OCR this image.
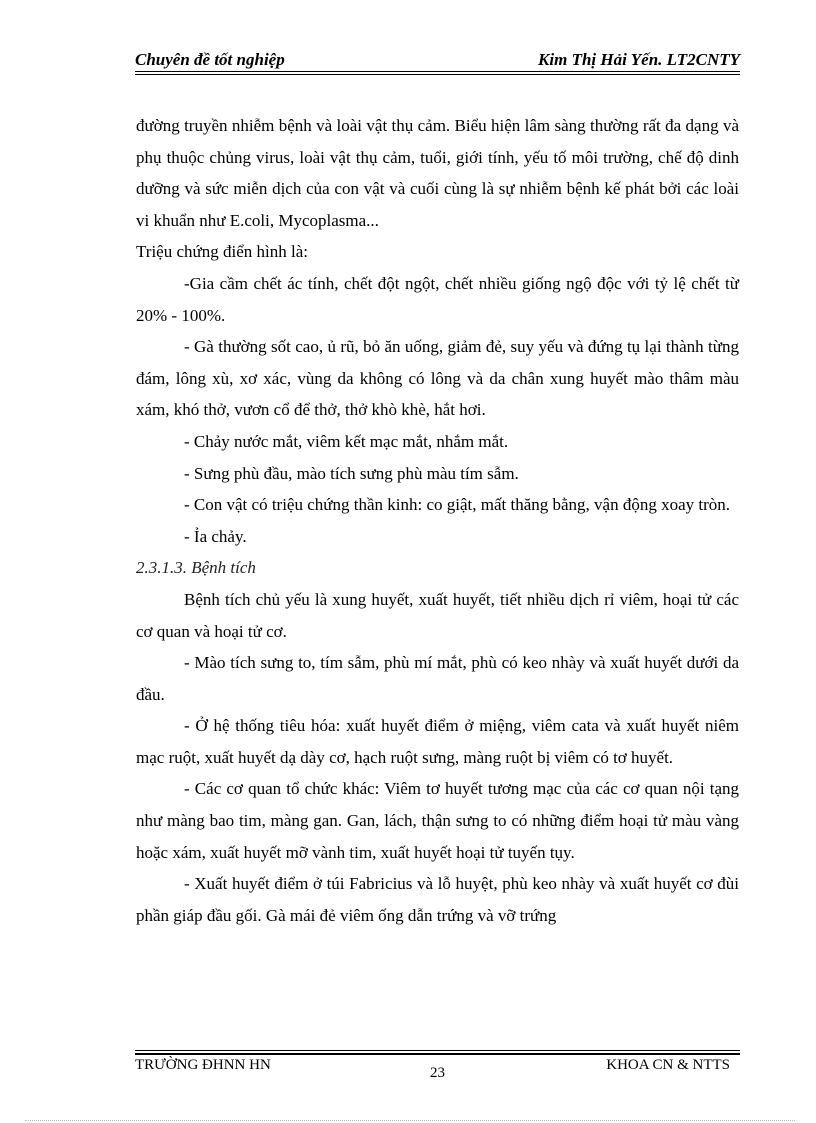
Chuyên đề tốt nghiệp	Kim Thị Hải Yến. LT2CNTY

đường truyền nhiễm bệnh và loài vật thụ cảm. Biểu hiện lâm sàng thường rất đa dạng và phụ thuộc chủng virus, loài vật thụ cảm, tuổi, giới tính, yếu tố môi trường, chế độ dinh dưỡng và sức miễn dịch của con vật và cuối cùng là sự nhiễm bệnh kế phát bởi các loài vi khuẩn như E.coli, Mycoplasma...

Triệu chứng điển hình là:

-Gia cầm chết ác tính, chết đột ngột, chết nhiều giống ngộ độc với tỷ lệ chết từ 20% - 100%.

- Gà thường sốt cao, ủ rũ, bỏ ăn uống, giảm đẻ, suy yếu và đứng tụ lại thành từng đám, lông xù, xơ xác, vùng da không có lông và da chân xung huyết mào thâm màu xám, khó thở, vươn cổ để thở, thở khò khè, hắt hơi.

- Chảy nước mắt, viêm kết mạc mắt, nhắm mắt.

- Sưng phù đầu, mào tích sưng phù màu tím sẫm.

- Con vật có triệu chứng thần kinh: co giật, mất thăng bằng, vận động xoay tròn.

- Ỉa chảy.

2.3.1.3. Bệnh tích

Bệnh tích chủ yếu là xung huyết, xuất huyết, tiết nhiều dịch rỉ viêm, hoại tử các cơ quan và hoại tử cơ.

- Mào tích sưng to, tím sẫm, phù mí mắt, phù có keo nhày và xuất huyết dưới da đầu.

- Ở hệ thống tiêu hóa: xuất huyết điểm ở miệng, viêm cata và xuất huyết niêm mạc ruột, xuất huyết dạ dày cơ, hạch ruột sưng, màng ruột bị viêm có tơ huyết.

- Các cơ quan tổ chức khác: Viêm tơ huyết tương mạc của các cơ quan nội tạng như màng bao tim, màng gan. Gan, lách, thận sưng to có những điểm hoại tử màu vàng hoặc xám, xuất huyết mỡ vành tim, xuất huyết hoại tử tuyến tụy.

- Xuất huyết điểm ở túi Fabricius và lỗ huyệt, phù keo nhày và xuất huyết cơ đùi phần giáp đầu gối. Gà mái đẻ viêm ống dẫn trứng và vỡ trứng

TRƯỜNG ĐHNN HN	23	KHOA CN & NTTS
